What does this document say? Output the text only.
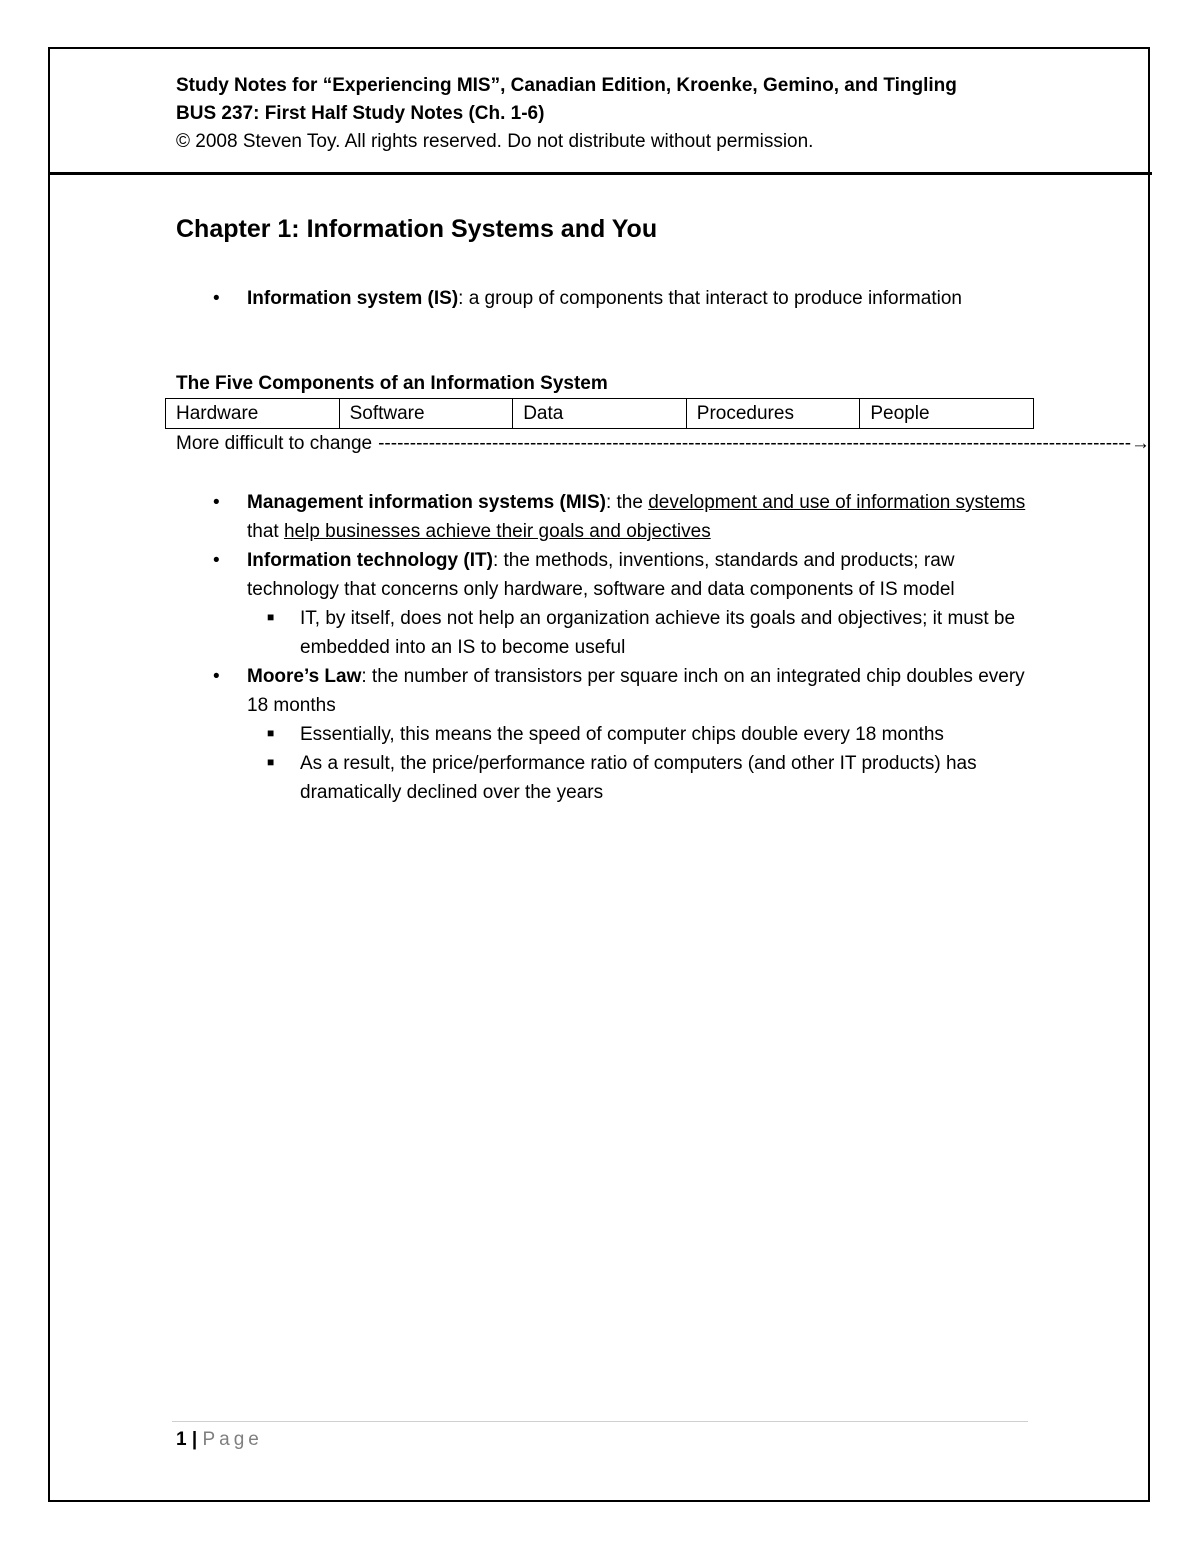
Study Notes for “Experiencing MIS”, Canadian Edition, Kroenke, Gemino, and Tingling
BUS 237: First Half Study Notes (Ch. 1-6)
© 2008 Steven Toy. All rights reserved. Do not distribute without permission.
Chapter 1: Information Systems and You
• Information system (IS): a group of components that interact to produce information
The Five Components of an Information System
Hardware	Software	Data	Procedures	People
More difficult to change ----------------------------------------------------------------------------------------------------------------------- →
• Management information systems (MIS): the development and use of information systems that help businesses achieve their goals and objectives
• Information technology (IT): the methods, inventions, standards and products; raw technology that concerns only hardware, software and data components of IS model
■ IT, by itself, does not help an organization achieve its goals and objectives; it must be embedded into an IS to become useful
• Moore’s Law: the number of transistors per square inch on an integrated chip doubles every 18 months
■ Essentially, this means the speed of computer chips double every 18 months
■ As a result, the price/performance ratio of computers (and other IT products) has dramatically declined over the years
1 | Page
